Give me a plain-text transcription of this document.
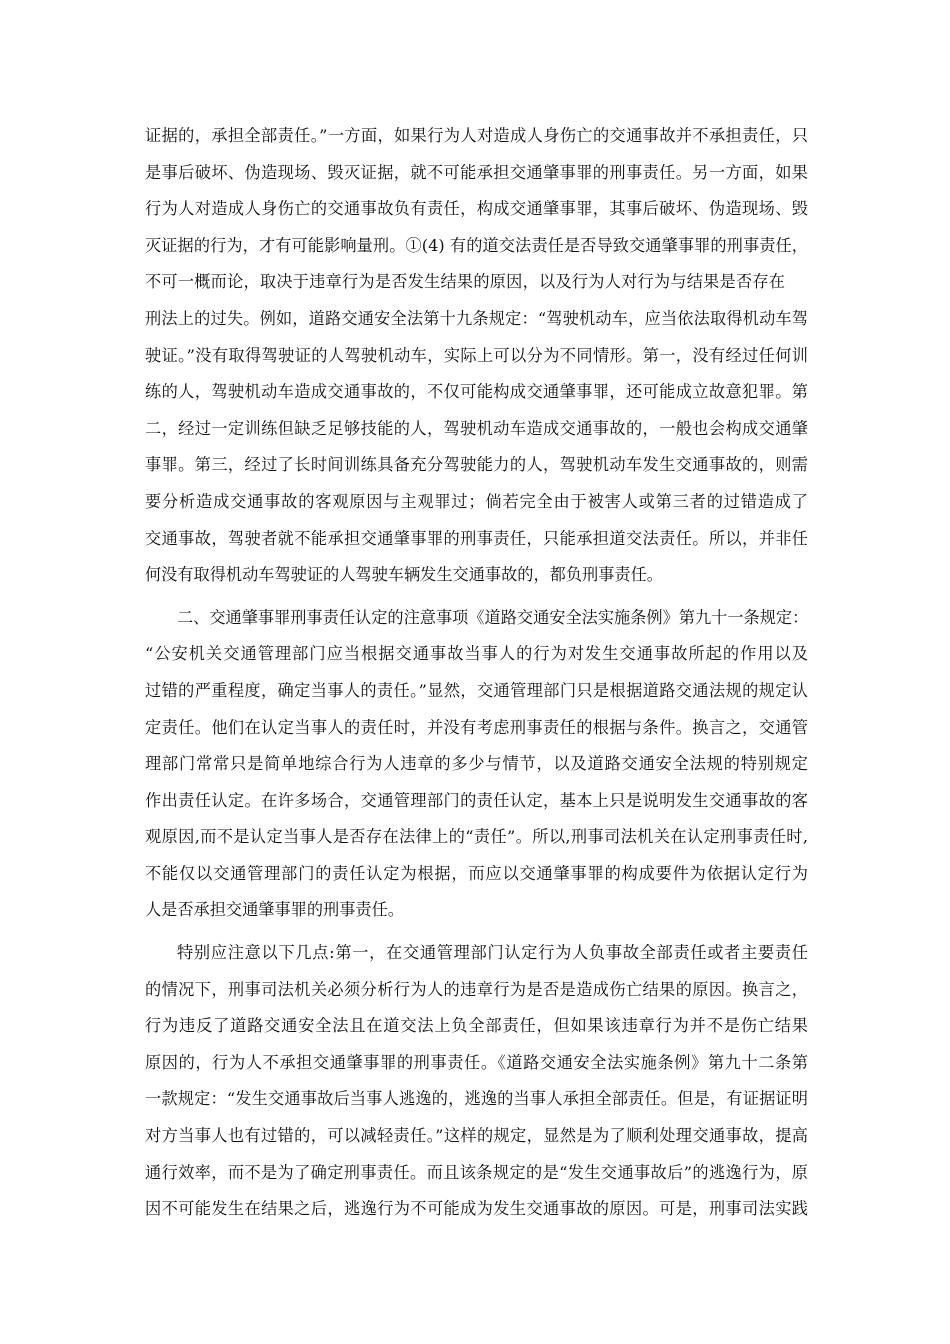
证据的，承担全部责任。”一方面，如果行为人对造成人身伤亡的交通事故并不承担责任，只
是事后破坏、伪造现场、毁灭证据，就不可能承担交通肇事罪的刑事责任。另一方面，如果
行为人对造成人身伤亡的交通事故负有责任，构成交通肇事罪，其事后破坏、伪造现场、毁
灭证据的行为，才有可能影响量刑。①(4) 有的道交法责任是否导致交通肇事罪的刑事责任，
不可一概而论，取决于违章行为是否发生结果的原因，以及行为人对行为与结果是否存在
刑法上的过失。例如，道路交通安全法第十九条规定：“驾驶机动车，应当依法取得机动车驾
驶证。”没有取得驾驶证的人驾驶机动车，实际上可以分为不同情形。第一，没有经过任何训
练的人，驾驶机动车造成交通事故的，不仅可能构成交通肇事罪，还可能成立故意犯罪。第
二，经过一定训练但缺乏足够技能的人，驾驶机动车造成交通事故的，一般也会构成交通肇
事罪。第三，经过了长时间训练具备充分驾驶能力的人，驾驶机动车发生交通事故的，则需
要分析造成交通事故的客观原因与主观罪过；倘若完全由于被害人或第三者的过错造成了
交通事故，驾驶者就不能承担交通肇事罪的刑事责任，只能承担道交法责任。所以，并非任
何没有取得机动车驾驶证的人驾驶车辆发生交通事故的，都负刑事责任。
二、交通肇事罪刑事责任认定的注意事项《道路交通安全法实施条例》第九十一条规定：
“公安机关交通管理部门应当根据交通事故当事人的行为对发生交通事故所起的作用以及
过错的严重程度，确定当事人的责任。”显然，交通管理部门只是根据道路交通法规的规定认
定责任。他们在认定当事人的责任时，并没有考虑刑事责任的根据与条件。换言之，交通管
理部门常常只是简单地综合行为人违章的多少与情节，以及道路交通安全法规的特别规定
作出责任认定。在许多场合，交通管理部门的责任认定，基本上只是说明发生交通事故的客
观原因,而不是认定当事人是否存在法律上的“责任”。所以,刑事司法机关在认定刑事责任时,
不能仅以交通管理部门的责任认定为根据，而应以交通肇事罪的构成要件为依据认定行为
人是否承担交通肇事罪的刑事责任。
特别应注意以下几点:第一，在交通管理部门认定行为人负事故全部责任或者主要责任
的情况下，刑事司法机关必须分析行为人的违章行为是否是造成伤亡结果的原因。换言之，
行为违反了道路交通安全法且在道交法上负全部责任，但如果该违章行为并不是伤亡结果
原因的，行为人不承担交通肇事罪的刑事责任。《道路交通安全法实施条例》第九十二条第
一款规定：“发生交通事故后当事人逃逸的，逃逸的当事人承担全部责任。但是，有证据证明
对方当事人也有过错的，可以减轻责任。”这样的规定，显然是为了顺利处理交通事故，提高
通行效率，而不是为了确定刑事责任。而且该条规定的是“发生交通事故后”的逃逸行为，原
因不可能发生在结果之后，逃逸行为不可能成为发生交通事故的原因。可是，刑事司法实践
